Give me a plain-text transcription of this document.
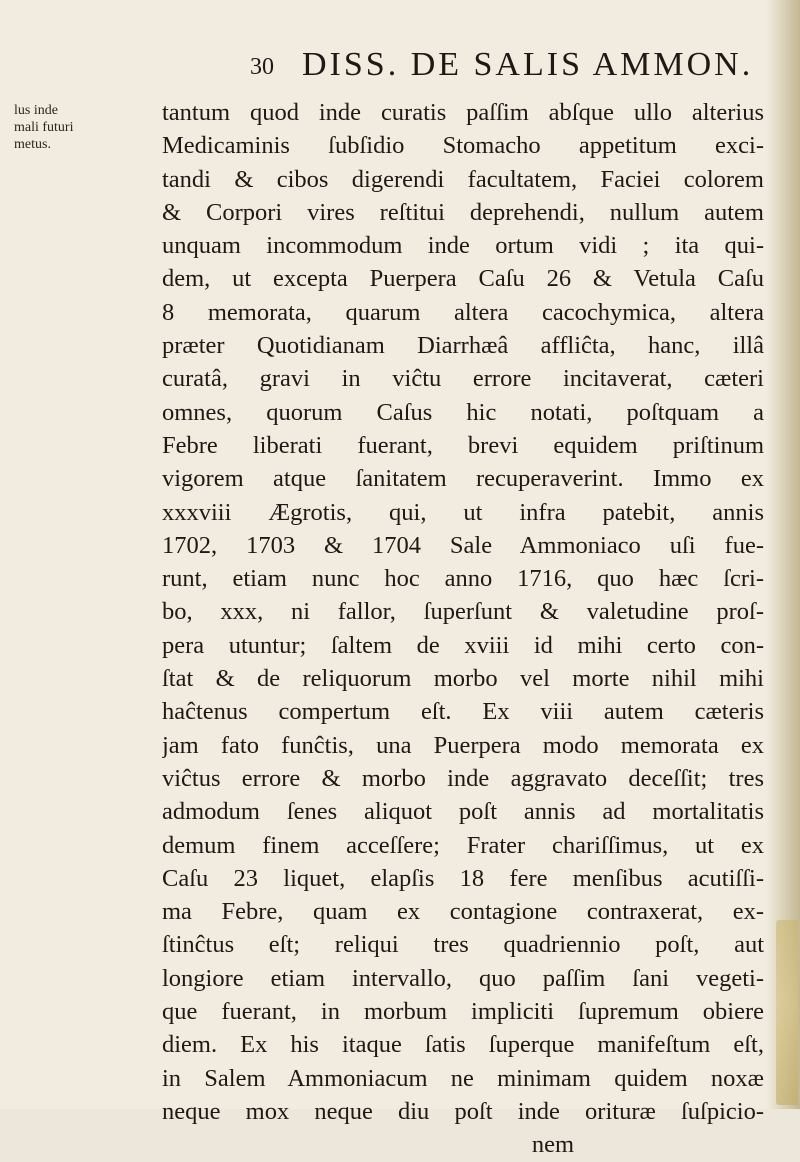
30 DISS. DE SALIS AMMON.
lus inde
mali futuri
metus.
tantum quod inde curatis paſſim abſque ullo alterius
Medicaminis ſubſidio Stomacho appetitum exci-
tandi & cibos digerendi facultatem, Faciei colorem
& Corpori vires reſtitui deprehendi, nullum autem
unquam incommodum inde ortum vidi ; ita qui-
dem, ut excepta Puerpera Caſu 26 & Vetula Caſu
8 memorata, quarum altera cacochymica, altera
præter Quotidianam Diarrhæâ affliĉta, hanc, illâ
curatâ, gravi in viĉtu errore incitaverat, cæteri
omnes, quorum Caſus hic notati, poſtquam a
Febre liberati fuerant, brevi equidem priſtinum
vigorem atque ſanitatem recuperaverint. Immo ex
xxxviii Ægrotis, qui, ut infra patebit, annis
1702, 1703 & 1704 Sale Ammoniaco uſi fue-
runt, etiam nunc hoc anno 1716, quo hæc ſcri-
bo, xxx, ni fallor, ſuperſunt & valetudine proſ-
pera utuntur; ſaltem de xviii id mihi certo con-
ſtat & de reliquorum morbo vel morte nihil mihi
haĉtenus compertum eſt. Ex viii autem cæteris
jam fato funĉtis, una Puerpera modo memorata ex
viĉtus errore & morbo inde aggravato deceſſit; tres
admodum ſenes aliquot poſt annis ad mortalitatis
demum finem acceſſere; Frater chariſſimus, ut ex
Caſu 23 liquet, elapſis 18 fere menſibus acutiſſi-
ma Febre, quam ex contagione contraxerat, ex-
ſtinĉtus eſt; reliqui tres quadriennio poſt, aut
longiore etiam intervallo, quo paſſim ſani vegeti-
que fuerant, in morbum impliciti ſupremum obiere
diem. Ex his itaque ſatis ſuperque manifeſtum eſt,
in Salem Ammoniacum ne minimam quidem noxæ
neque mox neque diu poſt inde orituræ ſuſpicio-
nem
